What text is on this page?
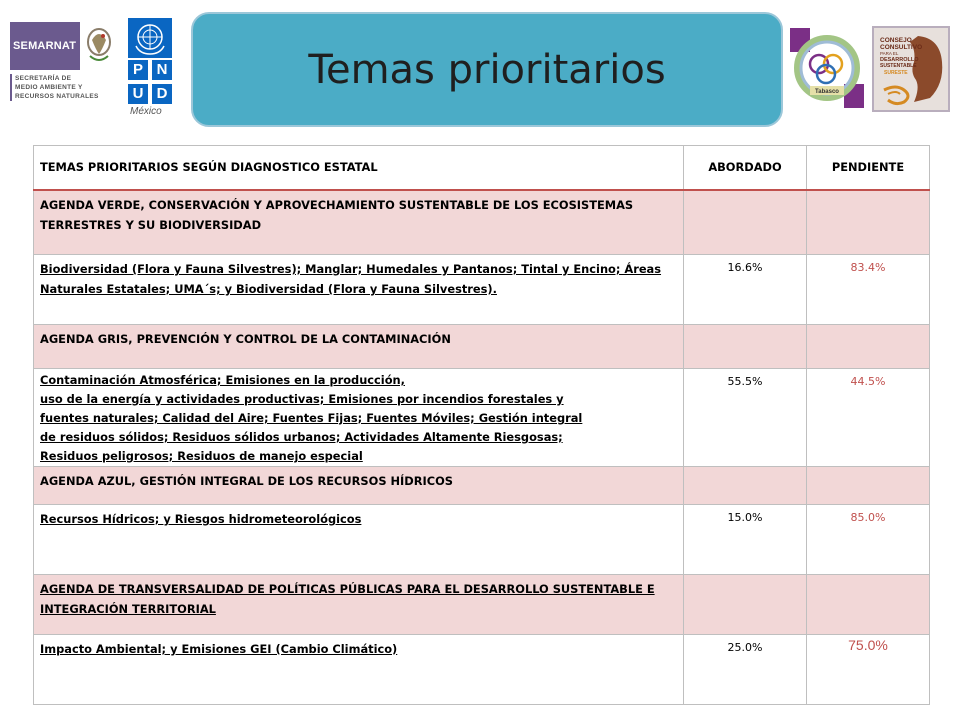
SEMARNAT
SECRETARÍA DE
MEDIO AMBIENTE Y
RECURSOS NATURALES
P N
U D
México
Temas prioritarios	Tabasco
CONSEJO
CONSULTIVO
PARA EL
DESARROLLO
SUSTENTABLE
SURESTE
TEMAS PRIORITARIOS SEGÚN DIAGNOSTICO ESTATAL	ABORDADO	PENDIENTE
AGENDA VERDE, CONSERVACIÓN Y APROVECHAMIENTO SUSTENTABLE DE LOS ECOSISTEMAS TERRESTRES Y SU BIODIVERSIDAD		
Biodiversidad (Flora y Fauna Silvestres); Manglar; Humedales y Pantanos; Tintal y Encino; Áreas Naturales Estatales; UMA´s; y Biodiversidad (Flora y Fauna Silvestres).	16.6%	83.4%
AGENDA GRIS, PREVENCIÓN Y CONTROL DE LA CONTAMINACIÓN		

Contaminación Atmosférica; Emisiones en la producción,
uso de la energía y actividades productivas; Emisiones por incendios forestales y
fuentes naturales; Calidad del Aire; Fuentes Fijas; Fuentes Móviles; Gestión integral
de residuos sólidos; Residuos sólidos urbanos; Actividades Altamente Riesgosas;
Residuos peligrosos; Residuos de manejo especial	55.5%	44.5%
AGENDA AZUL, GESTIÓN INTEGRAL DE LOS RECURSOS HÍDRICOS		
Recursos Hídricos; y Riesgos hidrometeorológicos	15.0%	85.0%
AGENDA DE TRANSVERSALIDAD DE POLÍTICAS PÚBLICAS PARA EL DESARROLLO SUSTENTABLE E INTEGRACIÓN TERRITORIAL		
Impacto Ambiental; y Emisiones GEI (Cambio Climático)	25.0%	75.0%
